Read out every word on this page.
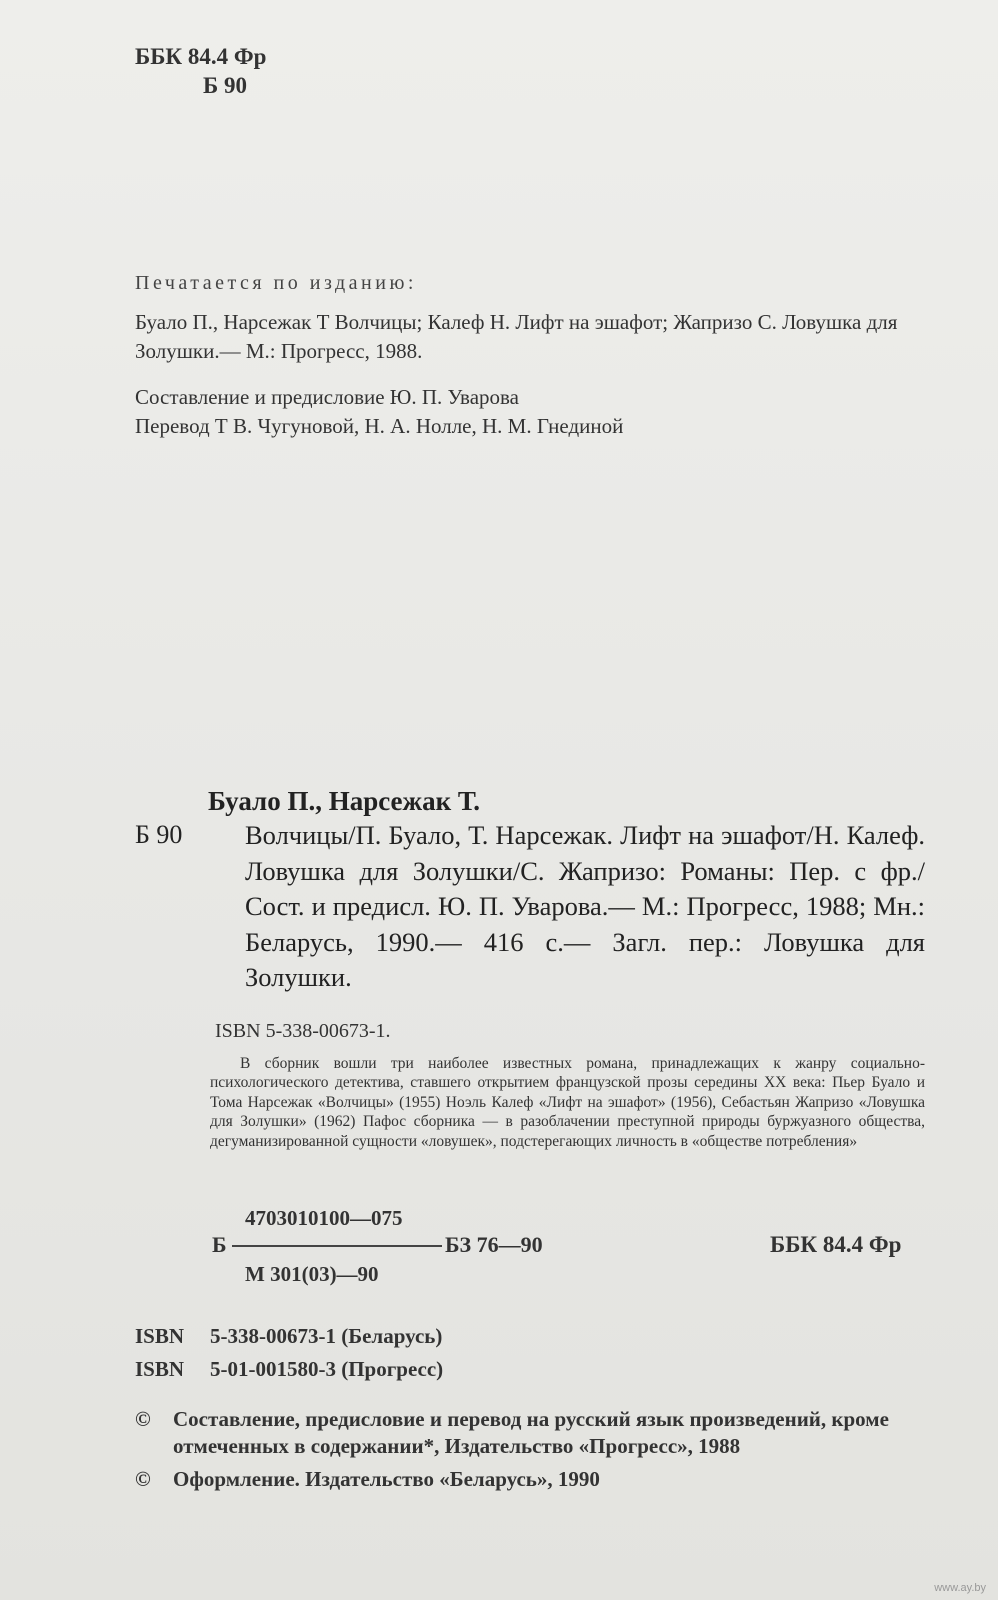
ББК 84.4 Фр
Б 90
Печатается по изданию:
Буало П., Нарсежак Т Волчицы; Калеф Н. Лифт на эшафот; Жапризо С. Ловушка для Золушки.— М.: Прогресс, 1988.
Составление и предисловие Ю. П. Уварова
Перевод Т В. Чугуновой, Н. А. Нолле, Н. М. Гнединой
Буало П., Нарсежак Т.
Б 90 Волчицы/П. Буало, Т. Нарсежак. Лифт на эшафот/Н. Калеф. Ловушка для Золушки/С. Жапризо: Романы: Пер. с фр./Сост. и предисл. Ю. П. Уварова.— М.: Прогресс, 1988; Мн.: Беларусь, 1990.— 416 с.— Загл. пер.: Ловушка для Золушки.
ISBN 5-338-00673-1.
В сборник вошли три наиболее известных романа, принадлежащих к жанру социально-психологического детектива, ставшего открытием французской прозы середины XX века: Пьер Буало и Тома Нарсежак «Волчицы» (1955) Ноэль Калеф «Лифт на эшафот» (1956), Себастьян Жапризо «Ловушка для Золушки» (1962) Пафос сборника — в разоблачении преступной природы буржуазного общества, дегуманизированной сущности «ловушек», подстерегающих личность в «обществе потребления»
4703010100—075
Б	БЗ 76—90
М 301(03)—90
ББК 84.4 Фр
ISBN 5-338-00673-1 (Беларусь)
ISBN 5-01-001580-3 (Прогресс)
© Составление, предисловие и перевод на русский язык произведений, кроме отмеченных в содержании*, Издательство «Прогресс», 1988
© Оформление. Издательство «Беларусь», 1990
www.ay.by
